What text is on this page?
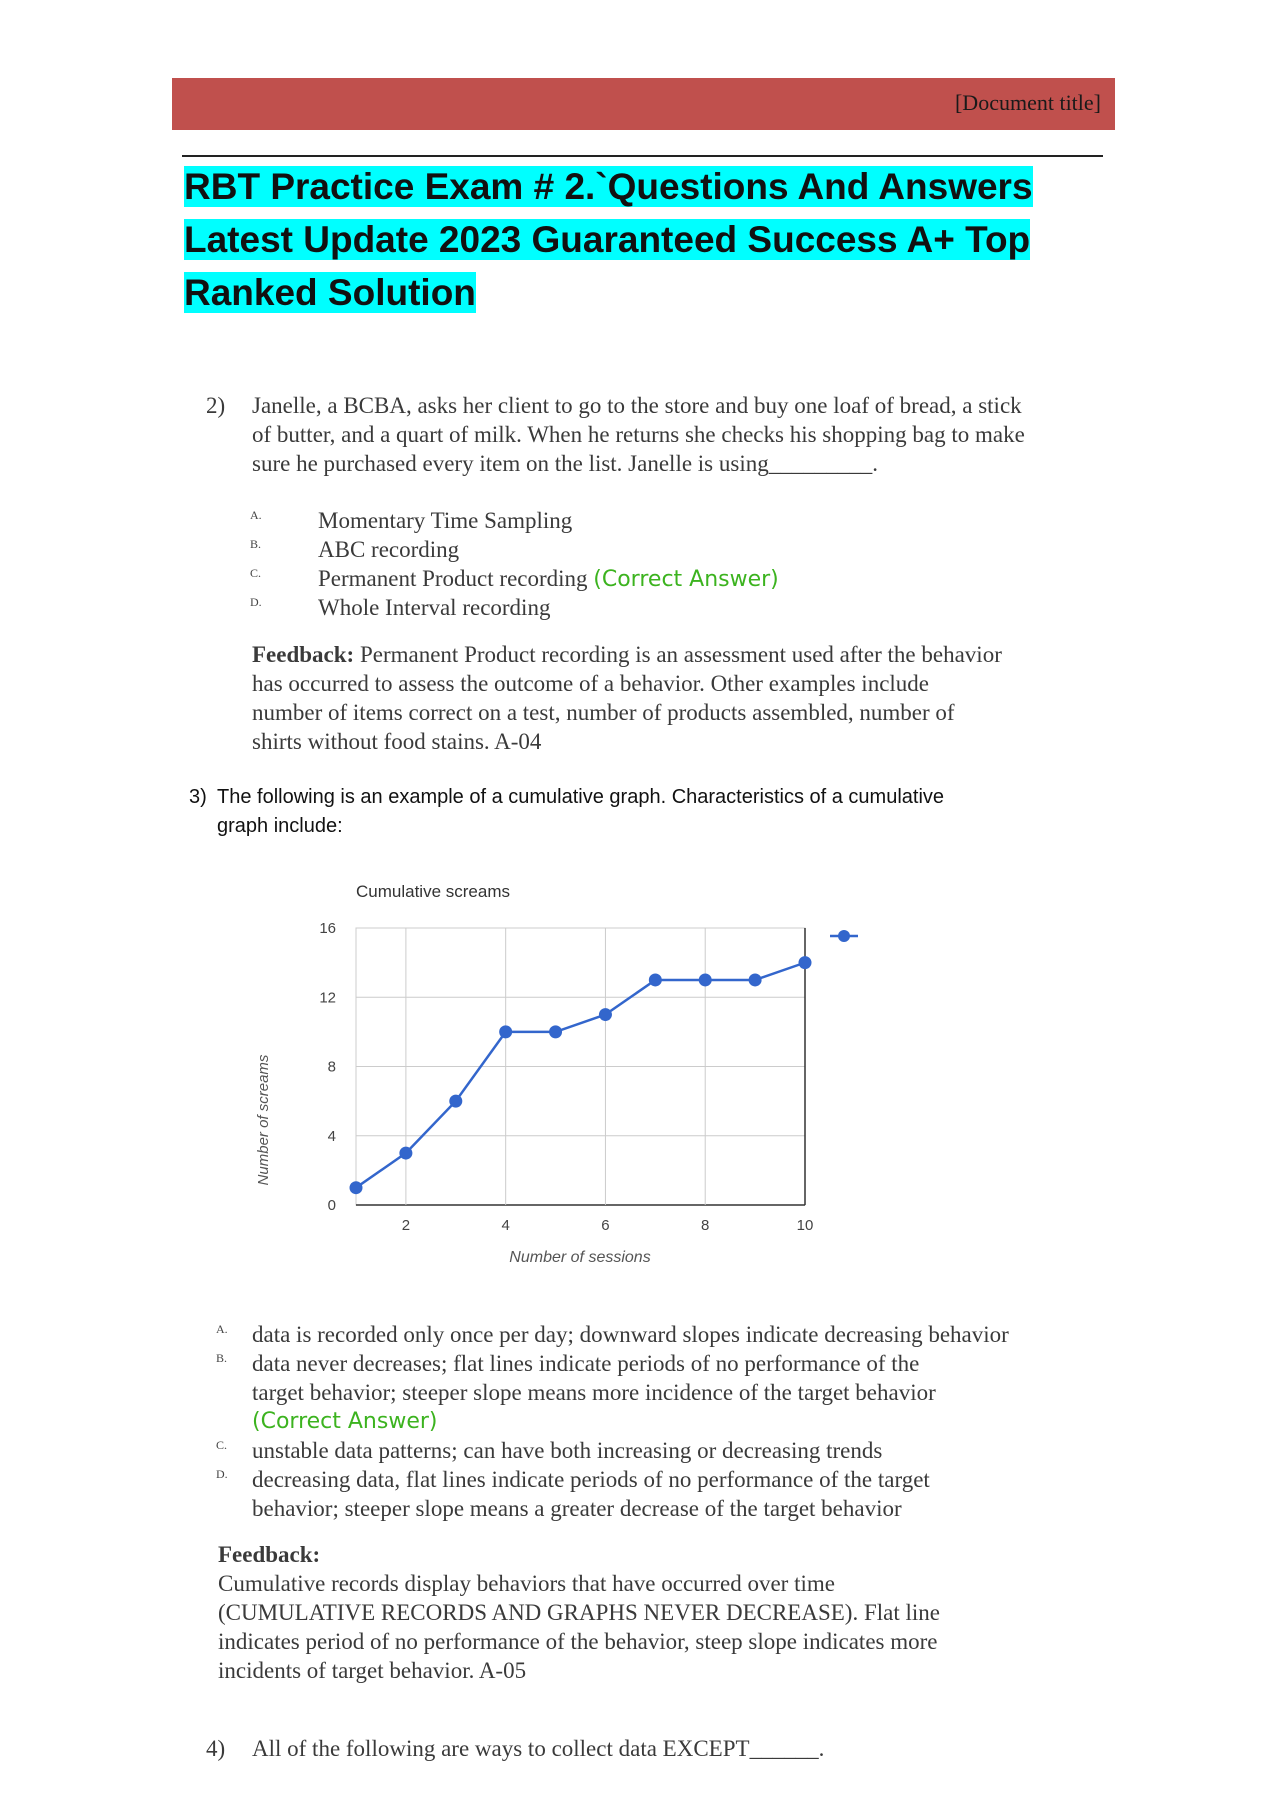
[Document title]
RBT Practice Exam # 2.`Questions And Answers
Latest Update 2023 Guaranteed Success A+ Top
Ranked Solution
2) Janelle, a BCBA, asks her client to go to the store and buy one loaf of bread, a stick
of butter, and a quart of milk. When he returns she checks his shopping bag to make
sure he purchased every item on the list. Janelle is using_________.
A. Momentary Time Sampling
B. ABC recording
C. Permanent Product recording (Correct Answer)
D. Whole Interval recording
Feedback: Permanent Product recording is an assessment used after the behavior
has occurred to assess the outcome of a behavior. Other examples include
number of items correct on a test, number of products assembled, number of
shirts without food stains. A-04
3) The following is an example of a cumulative graph. Characteristics of a cumulative
graph include:
Cumulative screams
0
4
8
12
16
2	4	6	8	10
Number of screams
Number of sessions
A. data is recorded only once per day; downward slopes indicate decreasing behavior
B. data never decreases; flat lines indicate periods of no performance of the
target behavior; steeper slope means more incidence of the target behavior
(Correct Answer)
C. unstable data patterns; can have both increasing or decreasing trends
D. decreasing data, flat lines indicate periods of no performance of the target
behavior; steeper slope means a greater decrease of the target behavior
Feedback:
Cumulative records display behaviors that have occurred over time
(CUMULATIVE RECORDS AND GRAPHS NEVER DECREASE). Flat line
indicates period of no performance of the behavior, steep slope indicates more
incidents of target behavior. A-05
4) All of the following are ways to collect data EXCEPT______.
